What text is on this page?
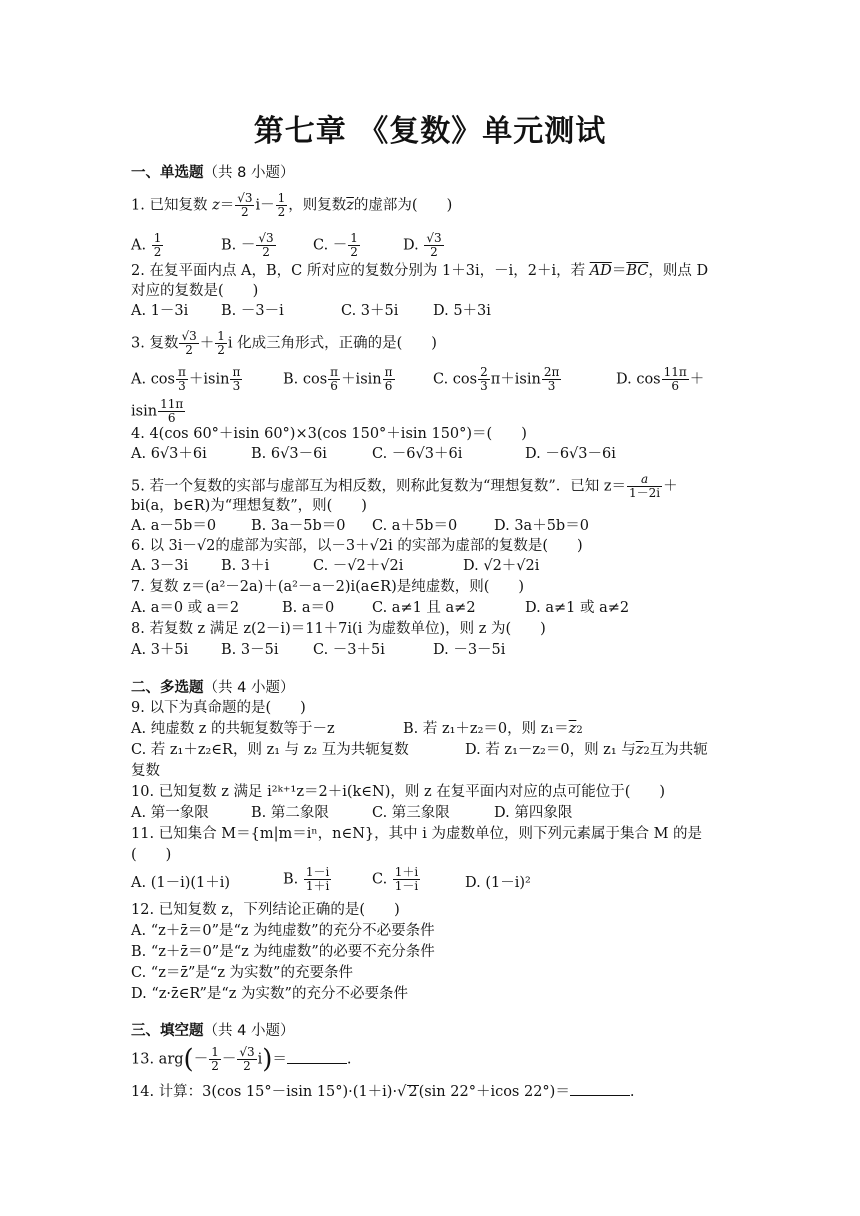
第七章 《复数》单元测试
一、单选题（共 8 小题）
1. 已知复数 $z= \frac{√3}{2} i- \frac{1}{2}$ ，则复数$\overline{z}$的虚部为(　　)
A. $\frac{1}{2}$	B. － $\frac{√3}{2}$	C. － $\frac{1}{2}$	D. $\frac{√3}{2}$
2. 在复平面内点 A，B，C 所对应的复数分别为 1＋3i，－i，2＋i，若 $\overline{AD}=\overline{BC}$，则点 D
对应的复数是(　　)
A. 1－3i B. －3－i	C. 3＋5i D. 5＋3i
3. 复数 $\frac{√3}{2} + \frac{1}{2}$ i 化成三角形式，正确的是(　　)
A. $\cos \frac{\pi}{3} +isin \frac{\pi}{3}$	B. $\cos \frac{\pi}{6} +isin \frac{\pi}{6}$	C. $\cos \frac{2}{3} \pi+isin \frac{2\pi}{3}$	D. $\cos \frac{11\pi}{6}$ ＋
isin $\frac{11\pi}{6}$
4. 4(cos 60°＋isin 60°)×3(cos 150°＋isin 150°)＝(　　)
A. 6√3＋6i	B. 6√3－6i	C. －6√3＋6i	D. －6√3－6i
5. 若一个复数的实部与虚部互为相反数，则称此复数为“理想复数”．已知 $z= \frac{a}{1-2i}$ ＋
bi(a，b∈R)为“理想复数”，则(　　)
A. a－5b＝0 B. 3a－5b＝0 C. a＋5b＝0	D. 3a＋5b＝0
6. 以 3i－√2的虚部为实部，以－3＋√2i 的实部为虚部的复数是(　　)
A. 3－3i B. 3＋i	C. －√2＋√2i	D. √2＋√2i
7. 复数 z＝(a²－2a)＋(a²－a－2)i(a∈R)是纯虚数，则(　　)
A. a＝0 或 a＝2	B. a＝0	C. a≠1 且 a≠2	D. a≠1 或 a≠2
8. 若复数 z 满足 z(2－i)＝11＋7i(i 为虚数单位)，则 z 为(　　)
A. 3＋5i B. 3－5i C. －3＋5i	D. －3－5i
二、多选题（共 4 小题）
9. 以下为真命题的是(　　)
A. 纯虚数 z 的共轭复数等于－z	B. 若 z₁＋z₂＝0，则 $z_1=\overline{z}2$
C. 若 z₁＋z₂∈R，则 z₁ 与 z₂ 互为共轭复数	D. 若 z₁－z₂＝0，则 z₁ 与$\overline{z}2$互为共轭
复数
10. 已知复数 z 满足 i²ᵏ⁺¹z＝2＋i(k∈N)，则 z 在复平面内对应的点可能位于(　　)
A. 第一象限	B. 第二象限	C. 第三象限	D. 第四象限
11. 已知集合 M＝{m|m＝iⁿ，n∈N}，其中 i 为虚数单位，则下列元素属于集合 M 的是
(　　)
A. (1－i)(1＋i)	B. $\frac{1-i}{1+i}$	C. $\frac{1+i}{1-i}$	D. (1－i)²
12. 已知复数 z，下列结论正确的是(　　)
A. “z＋z̄＝0”是“z 为纯虚数”的充分不必要条件
B. “z＋z̄＝0”是“z 为纯虚数”的必要不充分条件
C. “z＝z̄”是“z 为实数”的充要条件
D. “z·z̄∈R”是“z 为实数”的充分不必要条件
三、填空题（共 4 小题）
13. $arg(- \frac{1}{2} - \frac{√3}{2} i)=$	.
14. 计算：3(cos 15°－isin 15°)·(1＋i)·√ 2(sin 22°＋icos 22°)＝	.
